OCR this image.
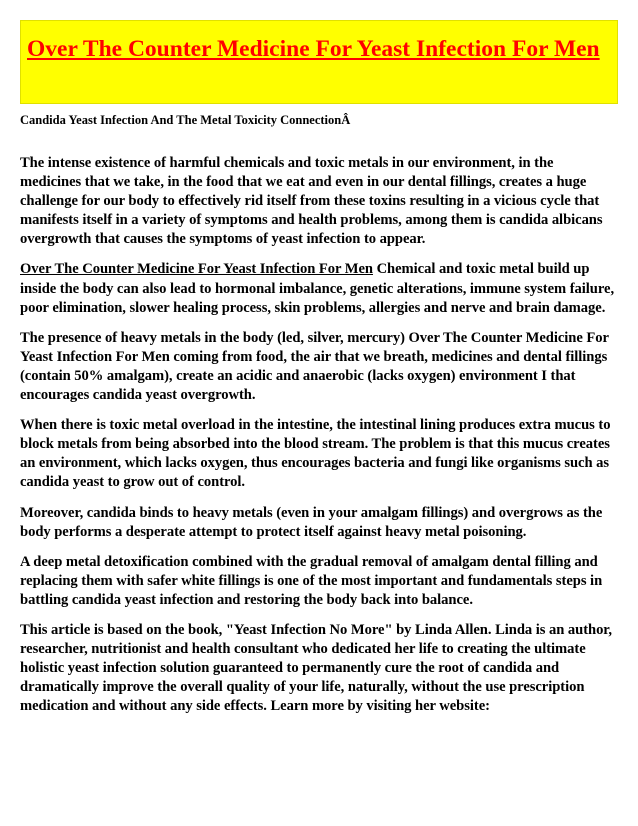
Over The Counter Medicine For Yeast Infection For Men
Candida Yeast Infection And The Metal Toxicity ConnectionÂ

The intense existence of harmful chemicals and toxic metals in our environment, in the medicines that we take, in the food that we eat and even in our dental fillings, creates a huge challenge for our body to effectively rid itself from these toxins resulting in a vicious cycle that manifests itself in a variety of symptoms and health problems, among them is candida albicans overgrowth that causes the symptoms of yeast infection to appear.

Over The Counter Medicine For Yeast Infection For Men Chemical and toxic metal build up inside the body can also lead to hormonal imbalance, genetic alterations, immune system failure, poor elimination, slower healing process, skin problems, allergies and nerve and brain damage.

The presence of heavy metals in the body (led, silver, mercury) Over The Counter Medicine For Yeast Infection For Men coming from food, the air that we breath, medicines and dental fillings (contain 50% amalgam), create an acidic and anaerobic (lacks oxygen) environment I that encourages candida yeast overgrowth.

When there is toxic metal overload in the intestine, the intestinal lining produces extra mucus to block metals from being absorbed into the blood stream. The problem is that this mucus creates an environment, which lacks oxygen, thus encourages bacteria and fungi like organisms such as candida yeast to grow out of control.

Moreover, candida binds to heavy metals (even in your amalgam fillings) and overgrows as the body performs a desperate attempt to protect itself against heavy metal poisoning.

A deep metal detoxification combined with the gradual removal of amalgam dental filling and replacing them with safer white fillings is one of the most important and fundamentals steps in battling candida yeast infection and restoring the body back into balance.

This article is based on the book, "Yeast Infection No More" by Linda Allen. Linda is an author, researcher, nutritionist and health consultant who dedicated her life to creating the ultimate holistic yeast infection solution guaranteed to permanently cure the root of candida and dramatically improve the overall quality of your life, naturally, without the use prescription medication and without any side effects. Learn more by visiting her website:
